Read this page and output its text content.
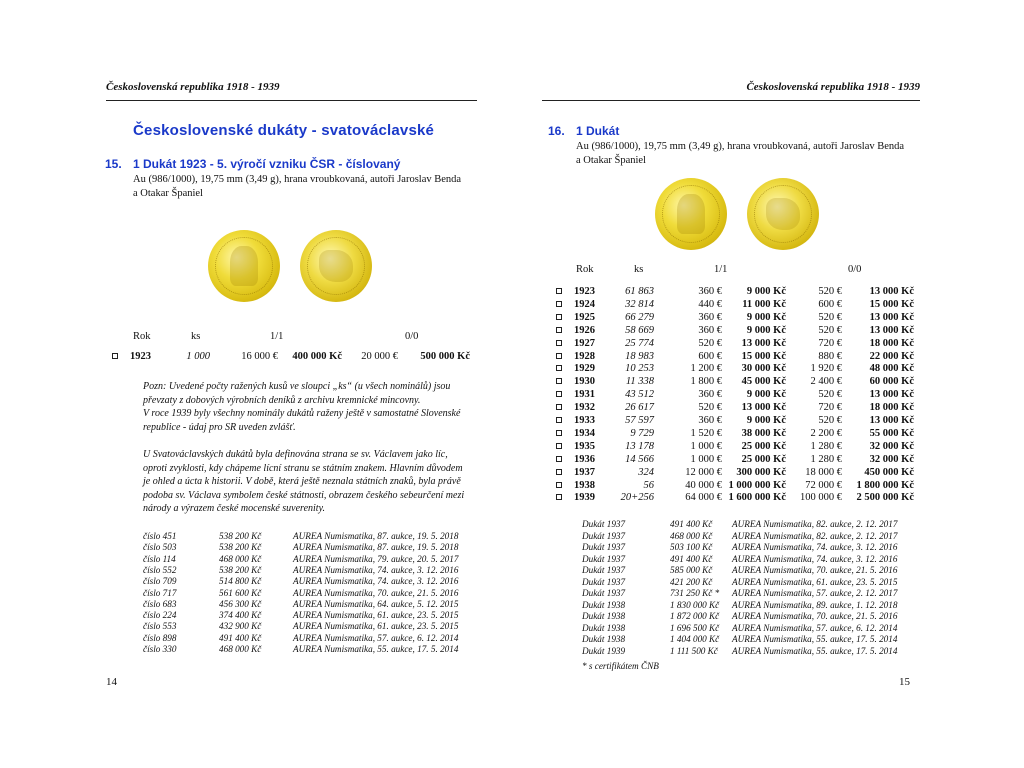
Československá republika 1918 - 1939
Československé dukáty - svatováclavské
15. 1 Dukát 1923 - 5. výročí vzniku ČSR - číslovaný
Au (986/1000), 19,75 mm (3,49 g), hrana vroubkovaná, autoři Jaroslav Benda
a Otakar Španiel
Rok	ks	1/1	0/0
1923	1 000	16 000 €	400 000 Kč	20 000 €	500 000 Kč
Pozn: Uvedené počty ražených kusů ve sloupci „ks“ (u všech nominálů) jsou
převzaty z dobových výrobních deníků z archivu kremnické mincovny.
V roce 1939 byly všechny nominály dukátů raženy ještě v samostatné Slovenské
republice - údaj pro SR uveden zvlášť.
U Svatováclavských dukátů byla definována strana se sv. Václavem jako líc,
oproti zvyklosti, kdy chápeme lícní stranu se státním znakem. Hlavním důvodem
je ohled a úcta k historii. V době, která ještě neznala státních znaků, byla právě
podoba sv. Václava symbolem české státnosti, obrazem českého sebeurčení mezi
národy a výrazem české mocenské suverenity.
číslo 451	538 200 Kč	AUREA Numismatika, 87. aukce, 19. 5. 2018
číslo 503	538 200 Kč	AUREA Numismatika, 87. aukce, 19. 5. 2018
číslo 114	468 000 Kč	AUREA Numismatika, 79. aukce, 20. 5. 2017
číslo 552	538 200 Kč	AUREA Numismatika, 74. aukce, 3. 12. 2016
číslo 709	514 800 Kč	AUREA Numismatika, 74. aukce, 3. 12. 2016
číslo 717	561 600 Kč	AUREA Numismatika, 70. aukce, 21. 5. 2016
číslo 683	456 300 Kč	AUREA Numismatika, 64. aukce, 5. 12. 2015
číslo 224	374 400 Kč	AUREA Numismatika, 61. aukce, 23. 5. 2015
číslo 553	432 900 Kč	AUREA Numismatika, 61. aukce, 23. 5. 2015
číslo 898	491 400 Kč	AUREA Numismatika, 57. aukce, 6. 12. 2014
číslo 330	468 000 Kč	AUREA Numismatika, 55. aukce, 17. 5. 2014
14
Československá republika 1918 - 1939
16. 1 Dukát
Au (986/1000), 19,75 mm (3,49 g), hrana vroubkovaná, autoři Jaroslav Benda
a Otakar Španiel
Rok	ks	1/1	0/0
1923	61 863	360 €	9 000 Kč	520 €	13 000 Kč
1924	32 814	440 €	11 000 Kč	600 €	15 000 Kč
1925	66 279	360 €	9 000 Kč	520 €	13 000 Kč
1926	58 669	360 €	9 000 Kč	520 €	13 000 Kč
1927	25 774	520 €	13 000 Kč	720 €	18 000 Kč
1928	18 983	600 €	15 000 Kč	880 €	22 000 Kč
1929	10 253	1 200 €	30 000 Kč	1 920 €	48 000 Kč
1930	11 338	1 800 €	45 000 Kč	2 400 €	60 000 Kč
1931	43 512	360 €	9 000 Kč	520 €	13 000 Kč
1932	26 617	520 €	13 000 Kč	720 €	18 000 Kč
1933	57 597	360 €	9 000 Kč	520 €	13 000 Kč
1934	9 729	1 520 €	38 000 Kč	2 200 €	55 000 Kč
1935	13 178	1 000 €	25 000 Kč	1 280 €	32 000 Kč
1936	14 566	1 000 €	25 000 Kč	1 280 €	32 000 Kč
1937	324	12 000 €	300 000 Kč	18 000 €	450 000 Kč
1938	56	40 000 € 1 000 000 Kč	72 000 €	1 800 000 Kč
1939	20+256	64 000 € 1 600 000 Kč	100 000 €	2 500 000 Kč
Dukát 1937	491 400 Kč AUREA Numismatika, 82. aukce, 2. 12. 2017
Dukát 1937	468 000 Kč AUREA Numismatika, 82. aukce, 2. 12. 2017
Dukát 1937	503 100 Kč AUREA Numismatika, 74. aukce, 3. 12. 2016
Dukát 1937	491 400 Kč AUREA Numismatika, 74. aukce, 3. 12. 2016
Dukát 1937	585 000 Kč AUREA Numismatika, 70. aukce, 21. 5. 2016
Dukát 1937	421 200 Kč AUREA Numismatika, 61. aukce, 23. 5. 2015
Dukát 1937	731 250 Kč * AUREA Numismatika, 57. aukce, 2. 12. 2017
Dukát 1938	1 830 000 Kč AUREA Numismatika, 89. aukce, 1. 12. 2018
Dukát 1938	1 872 000 Kč AUREA Numismatika, 70. aukce, 21. 5. 2016
Dukát 1938	1 696 500 Kč AUREA Numismatika, 57. aukce, 6. 12. 2014
Dukát 1938	1 404 000 Kč AUREA Numismatika, 55. aukce, 17. 5. 2014
Dukát 1939	1 111 500 Kč AUREA Numismatika, 55. aukce, 17. 5. 2014
* s certifikátem ČNB
15
